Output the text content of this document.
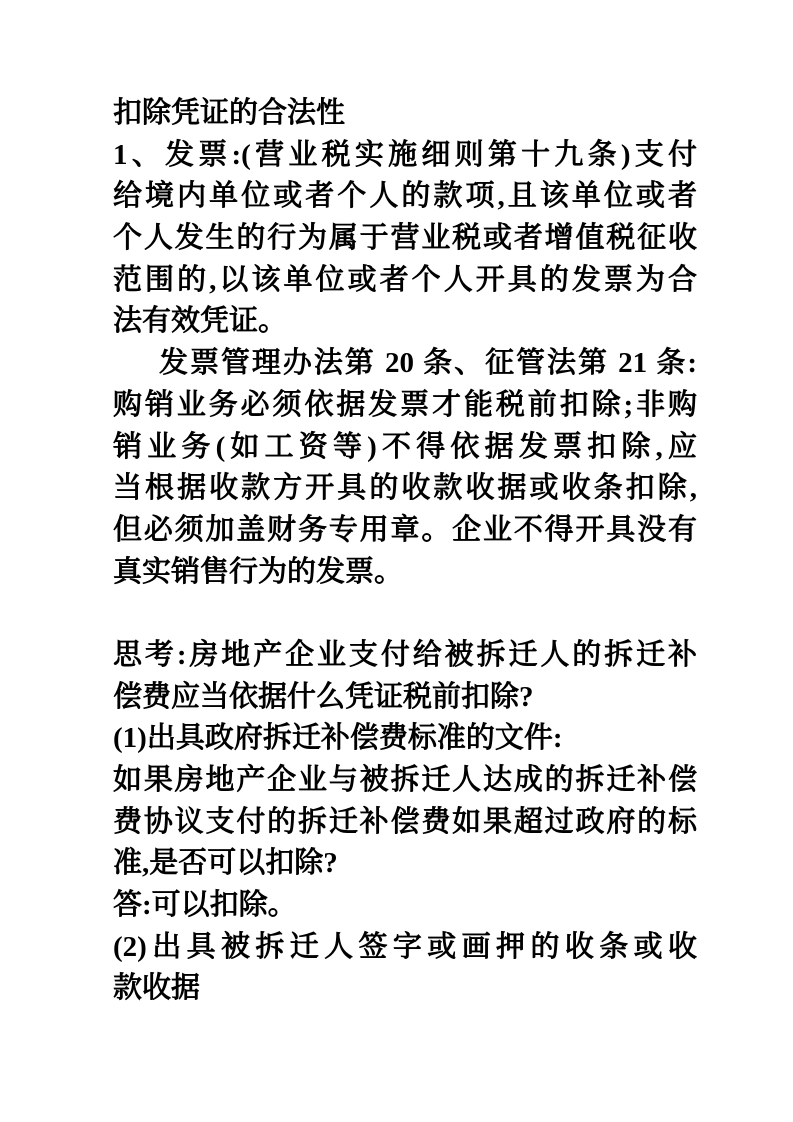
扣除凭证的合法性
1、发票:(营业税实施细则第十九条)支付
给境内单位或者个人的款项,且该单位或者
个人发生的行为属于营业税或者增值税征收
范围的,以该单位或者个人开具的发票为合
法有效凭证。
发票管理办法第 20 条、征管法第 21 条:
购销业务必须依据发票才能税前扣除;非购
销业务(如工资等)不得依据发票扣除,应
当根据收款方开具的收款收据或收条扣除,
但必须加盖财务专用章。企业不得开具没有
真实销售行为的发票。
思考:房地产企业支付给被拆迁人的拆迁补
偿费应当依据什么凭证税前扣除?
(1)出具政府拆迁补偿费标准的文件:
如果房地产企业与被拆迁人达成的拆迁补偿
费协议支付的拆迁补偿费如果超过政府的标
准,是否可以扣除?
答:可以扣除。
(2)出具被拆迁人签字或画押的收条或收
款收据
